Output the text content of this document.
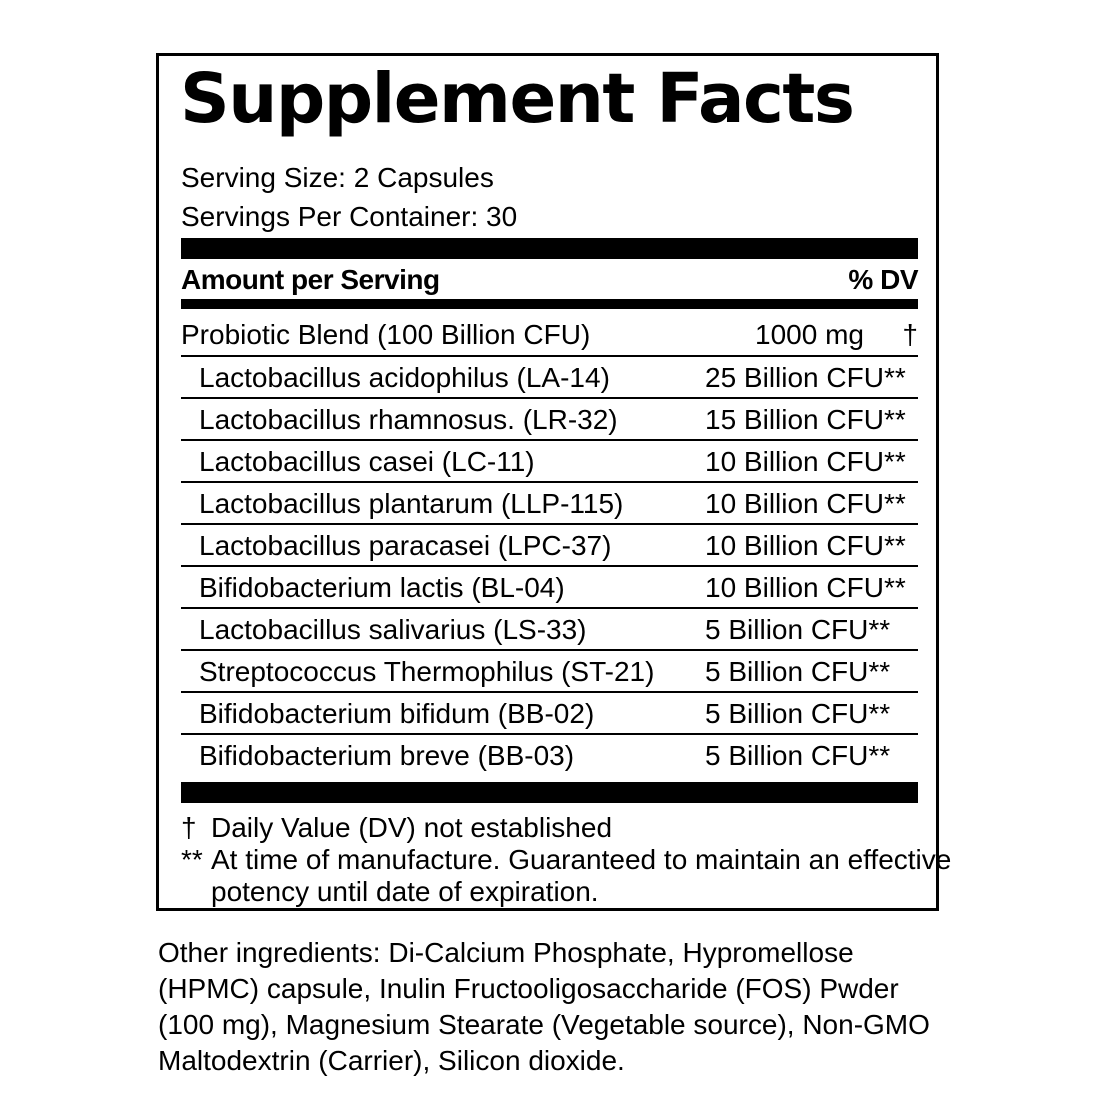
Supplement Facts
Serving Size: 2 Capsules
Servings Per Container: 30
Amount per Serving	% DV
Probiotic Blend (100 Billion CFU)	1000 mg †
Lactobacillus acidophilus (LA-14)	25 Billion CFU**
Lactobacillus rhamnosus. (LR-32)	15 Billion CFU**
Lactobacillus casei (LC-11)	10 Billion CFU**
Lactobacillus plantarum (LLP-115)	10 Billion CFU**
Lactobacillus paracasei (LPC-37)	10 Billion CFU**
Bifidobacterium lactis (BL-04)	10 Billion CFU**
Lactobacillus salivarius (LS-33)	5 Billion CFU**
Streptococcus Thermophilus (ST-21) 5 Billion CFU**
Bifidobacterium bifidum (BB-02)	5 Billion CFU**
Bifidobacterium breve (BB-03)	5 Billion CFU**
† Daily Value (DV) not established
** At time of manufacture. Guaranteed to maintain an effective
potency until date of expiration.

Other ingredients: Di-Calcium Phosphate, Hypromellose (HPMC) capsule, Inulin Fructooligosaccharide (FOS) Pwder (100 mg), Magnesium Stearate (Vegetable source), Non-GMO Maltodextrin (Carrier), Silicon dioxide.
